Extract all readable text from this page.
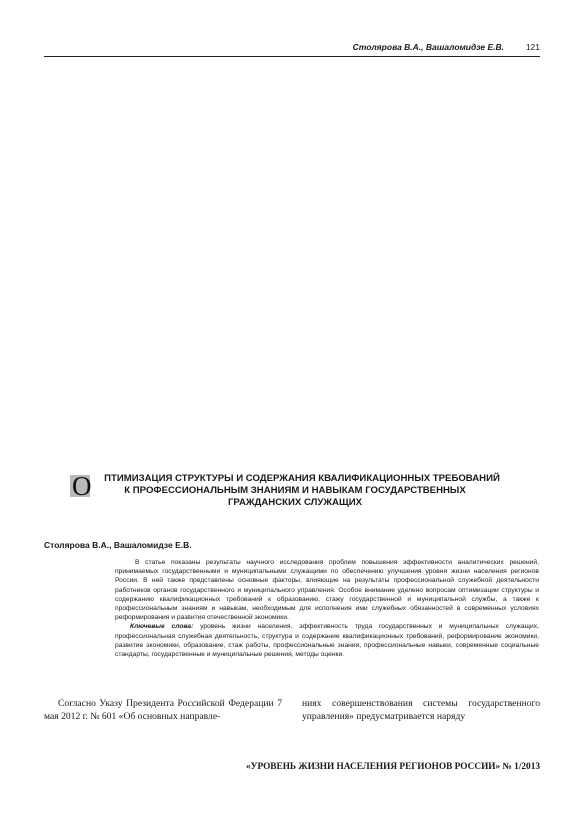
Столярова В.А., Вашаломидзе Е.В.	121
О	ПТИМИЗАЦИЯ СТРУКТУРЫ И СОДЕРЖАНИЯ КВАЛИФИКАЦИОННЫХ ТРЕБОВАНИЙ

К ПРОФЕССИОНАЛЬНЫМ ЗНАНИЯМ И НАВЫКАМ ГОСУДАРСТВЕННЫХ

ГРАЖДАНСКИХ СЛУЖАЩИХ

Столярова В.А., Вашаломидзе Е.В.

В статье показаны результаты научного исследования проблем повышения эффективности аналитических решений, принимаемых государственными и муниципальными служащими по обеспечению улучшения уровня жизни населения регионов России. В ней также представлены основные факторы, влияющие на результаты профессиональной служебной деятельности работников органов государственного и муниципального управления. Особое внимание уделено вопросам оптимизации структуры и содержанию квалификационных требований к образованию, стажу государственной и муниципальной службы, а также к профессиональным знаниям и навыкам, необходимым для исполнения ими служебных обязанностей в современных условиях реформирования и развития отечественной экономики.

Ключевые слова: уровень жизни населения, эффективность труда государственных и муниципальных служащих, профессиональная служебная деятельность, структура и содержание квалификационных требований, реформирование экономики, развитие экономики, образование, стаж работы, профессиональные знания, профессиональные навыки, современные социальные стандарты, государственные и муниципальные решения, методы оценки.

Согласно Указу Президента Российской Федерации 7 мая 2012 г. № 601 «Об основных направле-
ниях совершенствования системы государственного управления» предусматривается наряду
«УРОВЕНЬ ЖИЗНИ НАСЕЛЕНИЯ РЕГИОНОВ РОССИИ» № 1/2013
